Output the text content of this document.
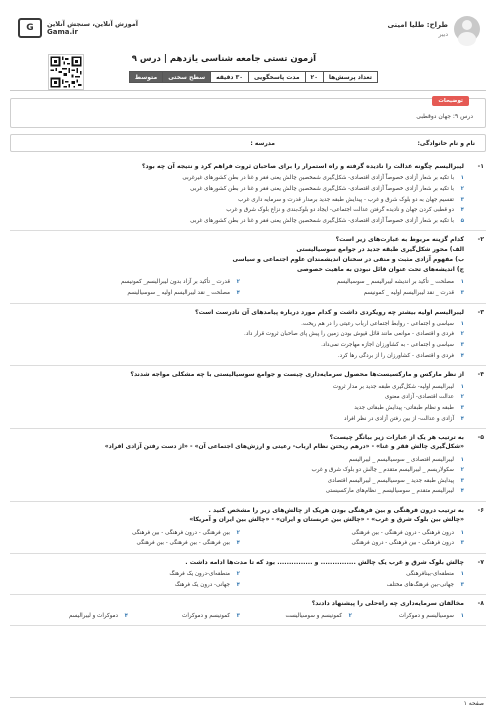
طراح: طلیا امینی
دبیر
G	آموزش آنلاین، سنجش آنلاین
Gama.ir
آزمون تستی جامعه شناسی یازدهم | درس ۹
تعداد پرسش‌ها
۲۰
مدت پاسخگویی
۳۰ دقیقه
سطح سختی
متوسط
توضیحات
درس ۹: جهان دوقطبی
نام و نام خانوادگی:
مدرسه :
۱-
لیبرالیسم چگونه عدالت را نادیده گرفته و راه استمرار را برای صاحبان ثروت فراهم کرد و نتیجه آن چه بود؟
۱
با تکیه بر شعار آزادی خصوصاً آزادی اقتصادی- شکل‌گیری شمخصین چالش یعنی فقر و غنا در بطن کشورهای غیرغربی
۲
با تکیه بر شعار آزادی خصوصاً آزادی اقتصادی- شکل‌گیری شمخصین چالش یعنی فقر و غنا در بطن کشورهای غربی
۳
تقسیم جهان به دو بلوک شرق و غرب - پیدایش طبقه جدید برمدار قدرت و سرمایه داری غرب
۴
دو قطبی کردن جهان و نادیده گرفتن عدالت اجتماعی- ایجاد دو بلوک‌بندی و نزاع بلوک شرق و غرب
۵
با تکیه بر شعار آزادی خصوصاً آزادی اقتصادی- شکل‌گیری شمخصین چالش یعنی فقر و غنا در بطن کشورهای غربی
۲-
کدام گزینه مربوط به عبارت‌های زیر است؟
الف) محور شکل‌گیری طبقه جدید در جوامع سوسیالیستی
ب) مفهوم آزادی مثبت و منفی در سخنان اندیشمندان علوم اجتماعی و سیاسی
ج) اندیشه‌های تحت عنوان قائل نبودن به ماهیت خصوصی
۱
مصلحت _ تأکید بر اندیشه لیبرالیسم _ سوسیالیسم
۲
قدرت _ تأکید بر آزاد بدون لیبرالیسم_ کمونیسم
۳
قدرت _ نقد لیبرالیسم اولیه _ کمونیسم
۴
مصلحت _ نقد لیبرالیسم اولیه _ سوسیالیسم
۳-
لیبرالیسم اولیه بیشتر چه رویکردی داشت و کدام مورد درباره پیامدهای آن نادرست است؟
۱
سیاسی و اجتماعی - روابط اجتماعی ارباب رعیتی را در هم ریخت.
۲
فردی و اقتصادی - موانعی مانند قائل قیوش بودن زمین را پیش پای صاحبان ثروت قرار داد.
۳
سیاسی و اجتماعی - به کشاورزان اجازه مهاجرت نمی‌داد.
۴
فردی و اقتصادی - کشاورزان را از بردگی رها کرد.
۴-
از نظر مارکس و مارکسیست‌ها محصول سرمایه‌داری چیست و جوامع سوسیالیستی با چه مشکلی مواجه شدند؟
۱
لیبرالیسم اولیه- شکل‌گیری طبقه جدید بر مدار ثروت
۲
عدالت اقتصادی- آزادی معنوی
۳
طبقه و نظام طبقاتی- پیدایش طبقاتی جدید
۴
آزادی و عدالت- از بین رفتن آزادی در نظر افراد
۵-
به ترتیب هر یک از عبارات زیر بیانگر چیست؟
«شکل‌گیری چالش فقر و غنا» - «درهم ریختن نظام ارباب- رعیتی و ارزش‌های اجتماعی آن» - «از دست رفتن آزادی افراد»
۱
لیبرالیسم اقتصادی _ سوسیالیسم _ لیبرالیسم
۲
سکولاریسم _ لیبرالیسم متقدم _ چالش دو بلوک شرق و غرب
۳
پیدایش طبقه جدید _ سوسیالیسم _ لیبرالیسم اقتصادی
۴
لیبرالیسم متقدم _ سوسیالیسم _ نظام‌های مارکسیستی
۶-
به ترتیب درون فرهنگی و بین فرهنگی بودن هریک از چالش‌های زیر را مشخص کنید .
«چالش بین بلوک شرق و غرب» - «چالش بین عربستان و ایران» - «چالش بین ایران و آمریکا»
۱
درون فرهنگی - درون فرهنگی - بین فرهنگی
۲
بین فرهنگی - درون فرهنگی - بین فرهنگی
۳
درون فرهنگی - بین فرهنگی - درون فرهنگی
۴
بین فرهنگی - بین فرهنگی - بین فرهنگی
۷-
چالش بلوک شرق و غرب یک چالش ............... و ............... بود که تا مدت‌ها ادامه داشت .
۱
منطقه‌ای-بینافرهنگی
۲
منطقه‌ای-درون یک فرهنگ
۳
جهانی-بین فرهنگ‌های مختلف
۴
جهانی- درون یک فرهنگ
۸-
مخالفان سرمایه‌داری چه راه‌حلی را پیشنهاد دادند؟
۱
سوسیالیسم و دموکرات
۲
کمونیسم و سوسیالیست
۳
کمونیسم و دموکرات
۴
دموکرات و لیبرالیسم
صفحه ۱
